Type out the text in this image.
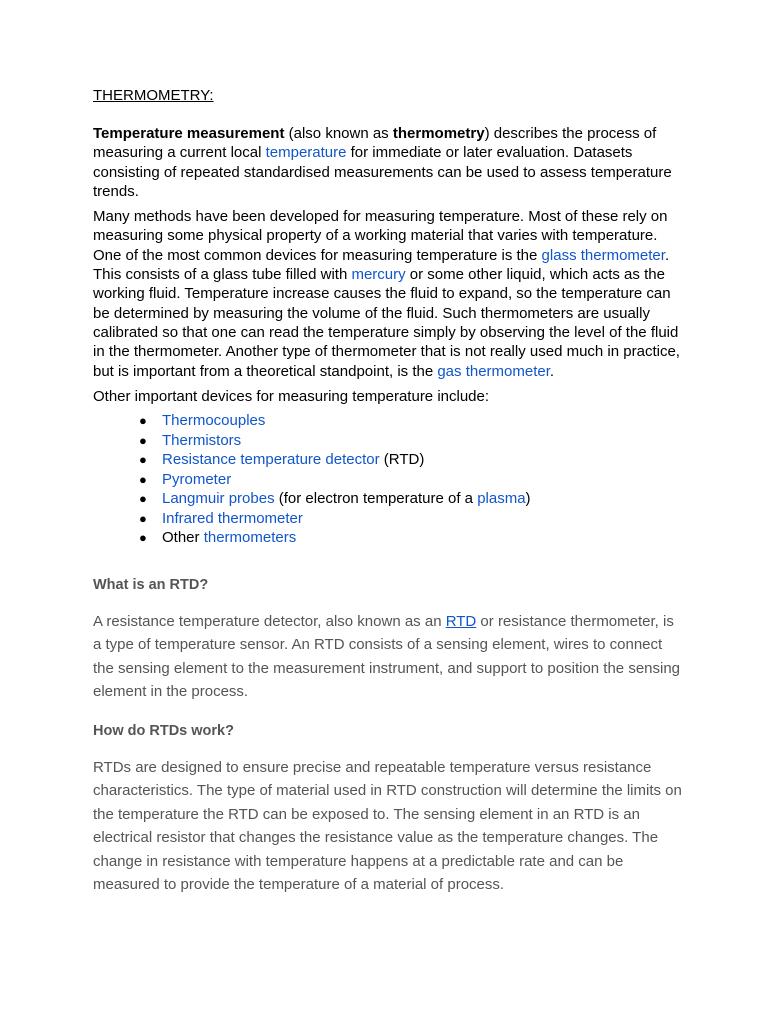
THERMOMETRY:

Temperature measurement (also known as thermometry) describes the process of measuring a current local temperature for immediate or later evaluation. Datasets consisting of repeated standardised measurements can be used to assess temperature trends.

Many methods have been developed for measuring temperature. Most of these rely on measuring some physical property of a working material that varies with temperature. One of the most common devices for measuring temperature is the glass thermometer. This consists of a glass tube filled with mercury or some other liquid, which acts as the working fluid. Temperature increase causes the fluid to expand, so the temperature can be determined by measuring the volume of the fluid. Such thermometers are usually calibrated so that one can read the temperature simply by observing the level of the fluid in the thermometer. Another type of thermometer that is not really used much in practice, but is important from a theoretical standpoint, is the gas thermometer.

Other important devices for measuring temperature include:

● Thermocouples
● Thermistors
● Resistance temperature detector (RTD)
● Pyrometer
● Langmuir probes (for electron temperature of a plasma)
● Infrared thermometer
● Other thermometers

What is an RTD?

A resistance temperature detector, also known as an RTD or resistance thermometer, is a type of temperature sensor. An RTD consists of a sensing element, wires to connect the sensing element to the measurement instrument, and support to position the sensing element in the process.

How do RTDs work?

RTDs are designed to ensure precise and repeatable temperature versus resistance characteristics. The type of material used in RTD construction will determine the limits on the temperature the RTD can be exposed to. The sensing element in an RTD is an electrical resistor that changes the resistance value as the temperature changes. The change in resistance with temperature happens at a predictable rate and can be measured to provide the temperature of a material of process.
